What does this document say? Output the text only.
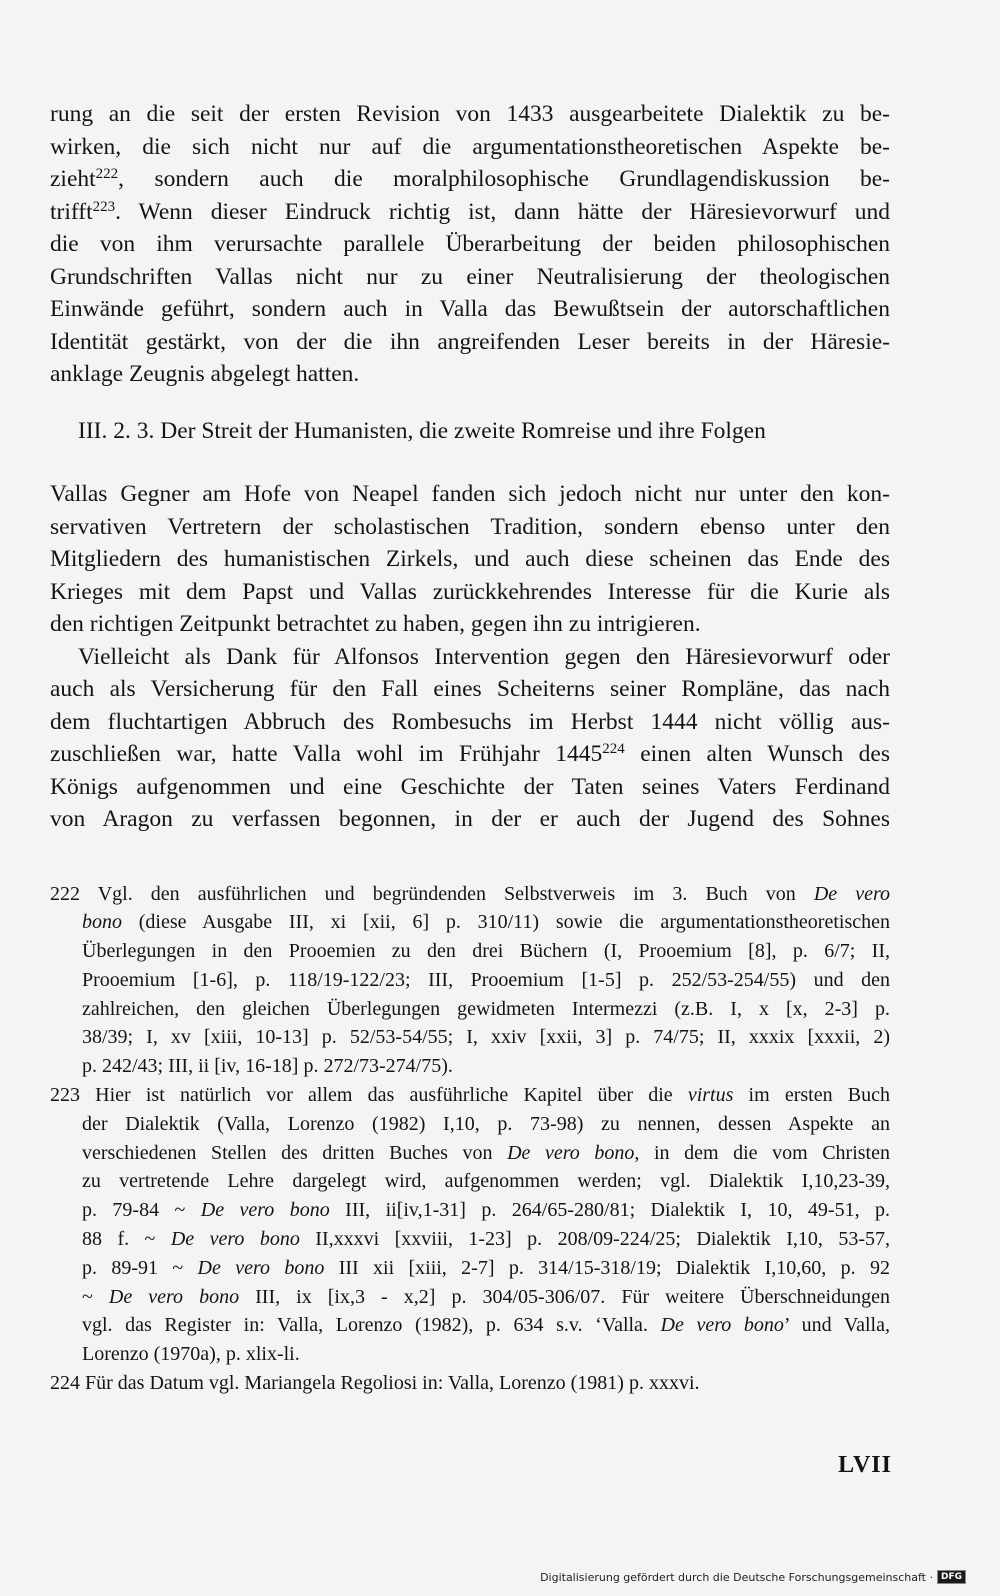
rung an die seit der ersten Revision von 1433 ausgearbeitete Dialektik zu be-
wirken, die sich nicht nur auf die argumentationstheoretischen Aspekte be-
zieht$^{222}$, sondern auch die moralphilosophische Grundlagendiskussion be-
trifft$^{223}$. Wenn dieser Eindruck richtig ist, dann hätte der Häresievorwurf und
die von ihm verursachte parallele Überarbeitung der beiden philosophischen
Grundschriften Vallas nicht nur zu einer Neutralisierung der theologischen
Einwände geführt, sondern auch in Valla das Bewußtsein der autorschaftlichen
Identität gestärkt, von der die ihn angreifenden Leser bereits in der Häresie-
anklage Zeugnis abgelegt hatten.
III. 2. 3. Der Streit der Humanisten, die zweite Romreise und ihre Folgen
Vallas Gegner am Hofe von Neapel fanden sich jedoch nicht nur unter den kon-
servativen Vertretern der scholastischen Tradition, sondern ebenso unter den
Mitgliedern des humanistischen Zirkels, und auch diese scheinen das Ende des
Krieges mit dem Papst und Vallas zurückkehrendes Interesse für die Kurie als
den richtigen Zeitpunkt betrachtet zu haben, gegen ihn zu intrigieren.
Vielleicht als Dank für Alfonsos Intervention gegen den Häresievorwurf oder
auch als Versicherung für den Fall eines Scheiterns seiner Rompläne, das nach
dem fluchtartigen Abbruch des Rombesuchs im Herbst 1444 nicht völlig aus-
zuschließen war, hatte Valla wohl im Frühjahr 1445$^{224}$ einen alten Wunsch des
Königs aufgenommen und eine Geschichte der Taten seines Vaters Ferdinand
von Aragon zu verfassen begonnen, in der er auch der Jugend des Sohnes
222 Vgl. den ausführlichen und begründenden Selbstverweis im 3. Buch von De vero
bono (diese Ausgabe III, xi [xii, 6] p. 310/11) sowie die argumentationstheoretischen
Überlegungen in den Prooemien zu den drei Büchern (I, Prooemium [8], p. 6/7; II,
Prooemium [1-6], p. 118/19-122/23; III, Prooemium [1-5] p. 252/53-254/55) und den
zahlreichen, den gleichen Überlegungen gewidmeten Intermezzi (z.B. I, x [x, 2-3] p.
38/39; I, xv [xiii, 10-13] p. 52/53-54/55; I, xxiv [xxii, 3] p. 74/75; II, xxxix [xxxii, 2)
p. 242/43; III, ii [iv, 16-18] p. 272/73-274/75).
223 Hier ist natürlich vor allem das ausführliche Kapitel über die virtus im ersten Buch
der Dialektik (Valla, Lorenzo (1982) I,10, p. 73-98) zu nennen, dessen Aspekte an
verschiedenen Stellen des dritten Buches von De vero bono, in dem die vom Christen
zu vertretende Lehre dargelegt wird, aufgenommen werden; vgl. Dialektik I,10,23-39,
p. 79-84 ~ De vero bono III, ii[iv,1-31] p. 264/65-280/81; Dialektik I, 10, 49-51, p.
88 f. ~ De vero bono II,xxxvi [xxviii, 1-23] p. 208/09-224/25; Dialektik I,10, 53-57,
p. 89-91 ~ De vero bono III xii [xiii, 2-7] p. 314/15-318/19; Dialektik I,10,60, p. 92
~ De vero bono III, ix [ix,3 - x,2] p. 304/05-306/07. Für weitere Überschneidungen
vgl. das Register in: Valla, Lorenzo (1982), p. 634 s.v. ‘Valla. De vero bono’ und Valla,
Lorenzo (1970a), p. xlix-li.
224 Für das Datum vgl. Mariangela Regoliosi in: Valla, Lorenzo (1981) p. xxxvi.
LVII
Digitalisierung gefördert durch die Deutsche Forschungsgemeinschaft · DFG
